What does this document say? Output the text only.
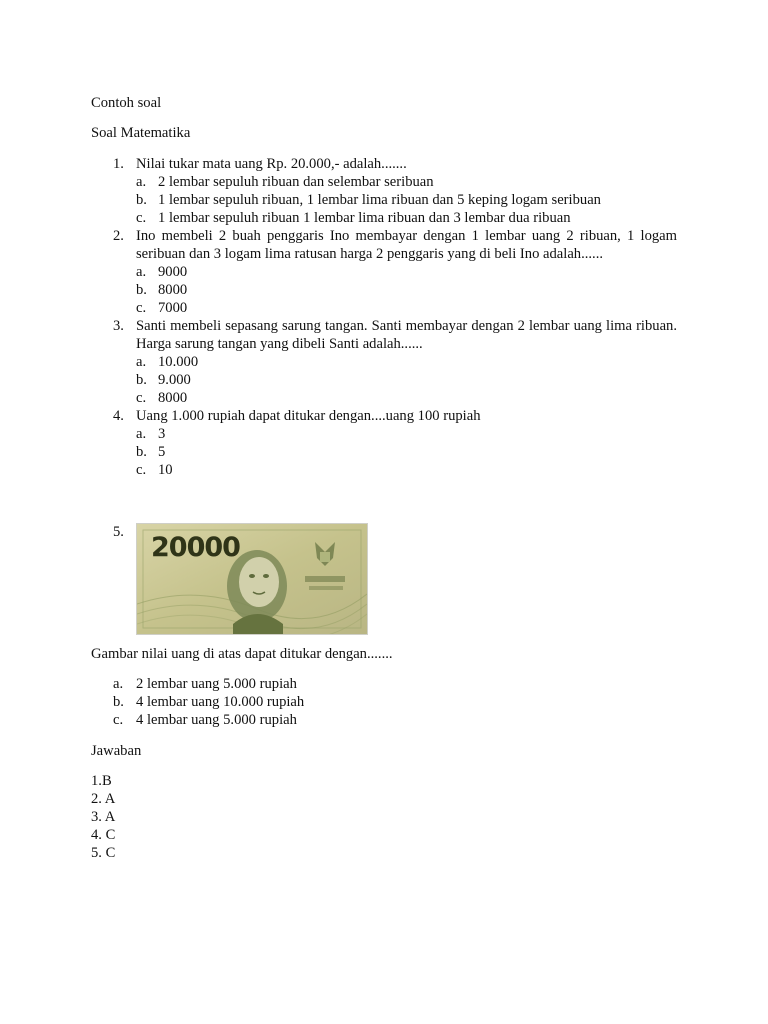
Contoh soal
Soal Matematika
1. Nilai tukar mata uang Rp. 20.000,- adalah.......
a. 2 lembar sepuluh ribuan dan selembar seribuan
b. 1 lembar sepuluh ribuan, 1 lembar lima ribuan dan 5 keping logam seribuan
c. 1 lembar sepuluh ribuan 1 lembar lima ribuan dan 3 lembar dua ribuan
2. Ino membeli 2 buah penggaris Ino membayar dengan 1 lembar uang 2 ribuan, 1 logam
seribuan dan 3 logam lima ratusan harga 2 penggaris yang di beli Ino adalah......
a. 9000
b. 8000
c. 7000
3. Santi membeli sepasang sarung tangan. Santi membayar dengan 2 lembar uang lima ribuan.
Harga sarung tangan yang dibeli Santi adalah......
a. 10.000
b. 9.000
c. 8000
4. Uang 1.000 rupiah dapat ditukar dengan....uang 100 rupiah
a. 3
b. 5
c. 10
5. 20000
Gambar nilai uang di atas dapat ditukar dengan.......
a. 2 lembar uang 5.000 rupiah
b. 4 lembar uang 10.000 rupiah
c. 4 lembar uang 5.000 rupiah
Jawaban
1.B
2. A
3. A
4. C
5. C
